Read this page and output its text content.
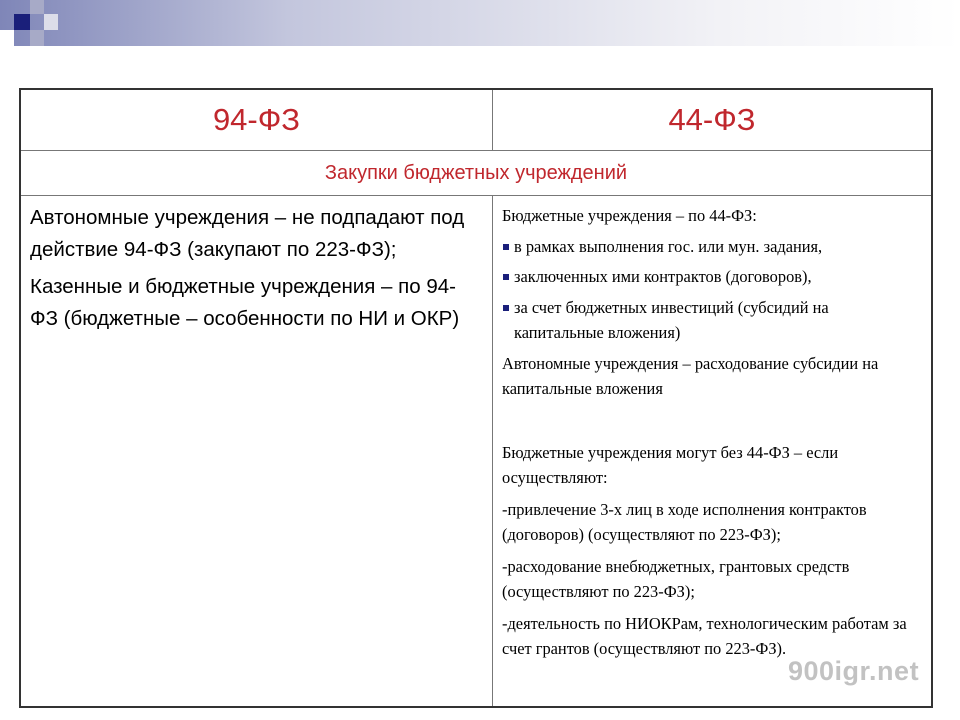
94-ФЗ	44-ФЗ
Закупки бюджетных учреждений

Автономные учреждения – не подпадают под действие 94-ФЗ (закупают по 223-ФЗ);

Казенные и бюджетные учреждения – по 94-ФЗ (бюджетные – особенности по НИ и ОКР)

Бюджетные учреждения – по 44-ФЗ:

в рамках выполнения гос. или мун. задания,

заключенных ими контрактов (договоров),

за счет бюджетных инвестиций (субсидий на капитальные вложения)

Автономные учреждения – расходование субсидии на капитальные вложения

Бюджетные учреждения могут без 44-ФЗ – если осуществляют:

-привлечение 3-х лиц в ходе исполнения контрактов (договоров) (осуществляют по 223-ФЗ);

-расходование внебюджетных, грантовых средств (осуществляют по 223-ФЗ);

-деятельность по НИОКРам, технологическим работам за счет грантов (осуществляют по 223-ФЗ).

900igr.net
